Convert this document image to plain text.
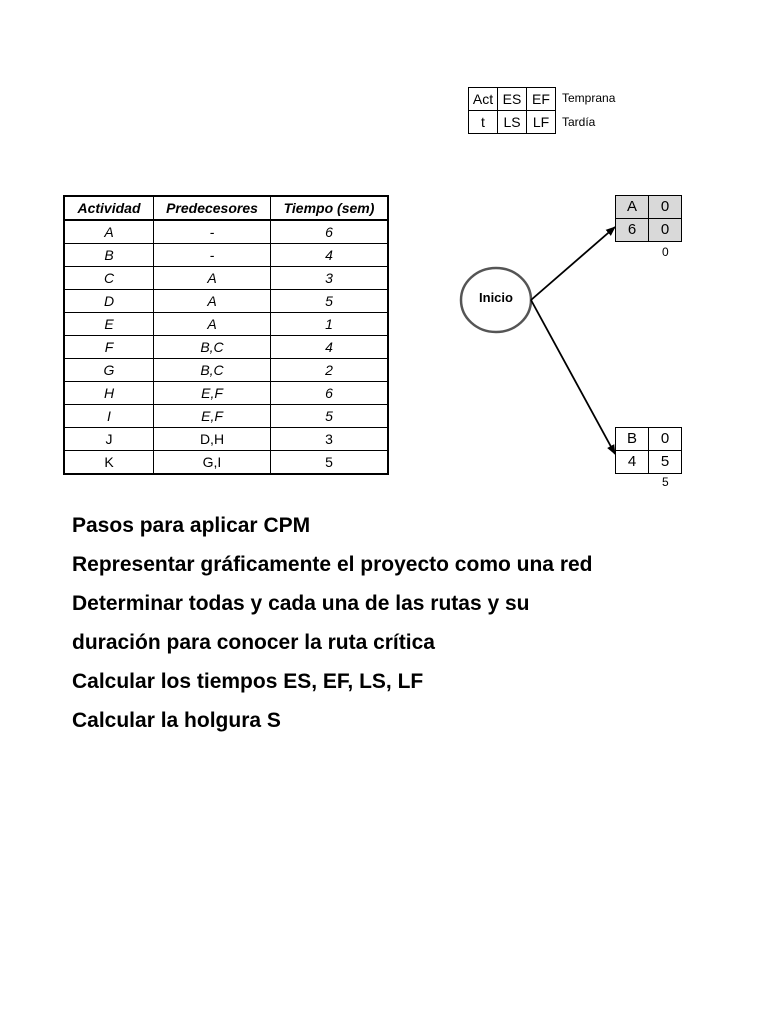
Act	ES	EF
t	LS	LF
Temprana
Tardía
Actividad	Predecesores	Tiempo (sem)
A	-	6
B	-	4
C	A	3
D	A	5
E	A	1
F	B,C	4
G	B,C	2
H	E,F	6
I	E,F	5
J	D,H	3
K	G,I	5
Inicio
A	0
6	0
0
B	0
4	5
5

Pasos para aplicar CPM

Representar gráficamente el proyecto como una red

Determinar todas y cada una de las rutas y su duración para conocer la ruta crítica

Calcular los tiempos ES, EF, LS, LF

Calcular la holgura S
